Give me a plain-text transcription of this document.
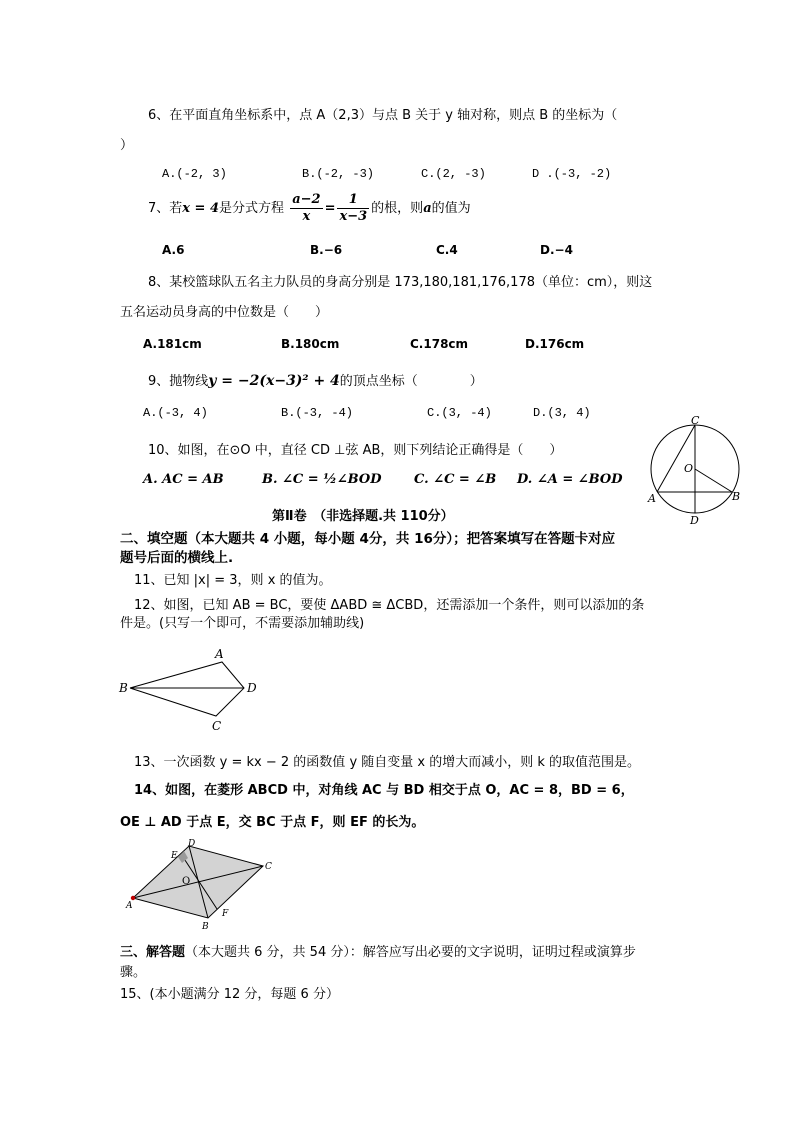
6、在平面直角坐标系中，点 A（2,3）与点 B 关于 y 轴对称，则点 B 的坐标为（
）
A.(-2, 3)	B.(-2, -3)	C.(2, -3)	D .(-3, -2)
7、若x = 4是分式方程 $\frac{a-2}{x} = \frac{1}{x-3}$ 的根，则a的值为
A.6	B.−6	C.4	D.−4
8、某校篮球队五名主力队员的身高分别是 173,180,181,176,178（单位：cm），则这
五名运动员身高的中位数是（　　）
A.181cm	B.180cm	C.178cm	D.176cm
9、抛物线y = −2(x−3)² + 4的顶点坐标（　　　　）
A.(-3, 4)	B.(-3, -4)	C.(3, -4)	D.(3, 4)
10、如图，在⊙O 中，直径 CD ⊥弦 AB，则下列结论正确得是（　　）
A. AC = AB	B. ∠C = ½∠BOD C. ∠C = ∠B D. ∠A = ∠BOD
C
O
A	B
D
第Ⅱ卷　（非选择题.共 110分）
二、填空题（本大题共 4 小题，每小题 4分，共 16分）；把答案填写在答题卡对应
题号后面的横线上.
11、已知 |x| = 3，则 x 的值为。
12、如图，已知 AB = BC，要使 ΔABD ≅ ΔCBD，还需添加一个条件，则可以添加的条
件是。(只写一个即可，不需要添加辅助线)
A
B	D
C
13、一次函数 y = kx − 2 的函数值 y 随自变量 x 的增大而减小，则 k 的取值范围是。
14、如图，在菱形 ABCD 中，对角线 AC 与 BD 相交于点 O，AC = 8，BD = 6，
OE ⊥ AD 于点 E，交 BC 于点 F，则 EF 的长为。
D
E
C
O
A
B
F
三、解答题（本大题共 6 分，共 54 分）：解答应写出必要的文字说明，证明过程或演算步
骤。
15、(本小题满分 12 分，每题 6 分）
